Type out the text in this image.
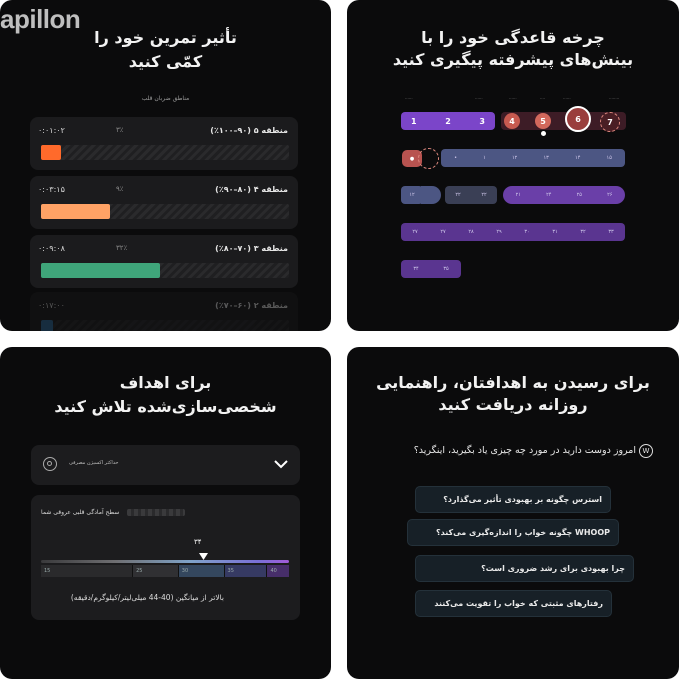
apillon
تأثیر تمرین خود را
کمّی کنید
مناطق ضربان قلب
منطقه ۵ (۹۰–۱۰۰٪)
۳٪
۰:۰۱:۰۲
منطقه ۴ (۸۰–۹۰٪)
۹٪
۰:۰۳:۱۵
منطقه ۳ (۷۰–۸۰٪)
۳۲٪
۰:۰۹:۰۸
منطقه ۲ (۶۰–۷۰٪)
۰:۱۷:۰۰
چرخه قاعدگی خود را با
بینش‌های پیشرفته پیگیری کنید
······	······	······	····	······	········
1	2	3	4	5	6	7
●	•	۱	۱۲	۱۳	۱۴	۱۵
۱۲	۲۲	۲۲	۲۱	۲۴	۲۵	۲۶
۲۷	۲۷	۲۸	۲۹	۳۰	۳۱	۳۲	۳۳
۳۴	۳۵
برای اهداف
شخصی‌سازی‌شده تلاش کنید
حداکثر اکسیژن مصرفی
سطح آمادگی قلبی عروقی شما
۳۴
15	25	30	35	40
بالاتر از میانگین (40-44 میلی‌لیتر/کیلوگرم/دقیقه)
برای رسیدن به اهدافتان، راهنمایی
روزانه دریافت کنید
Wامروز دوست دارید در مورد چه چیزی یاد بگیرید، اینگرید؟
استرس چگونه بر بهبودی تأثیر می‌گذارد؟
WHOOP چگونه خواب را اندازه‌گیری می‌کند؟
چرا بهبودی برای رشد ضروری است؟
رفتارهای مثبتی که خواب را تقویت می‌کنند
